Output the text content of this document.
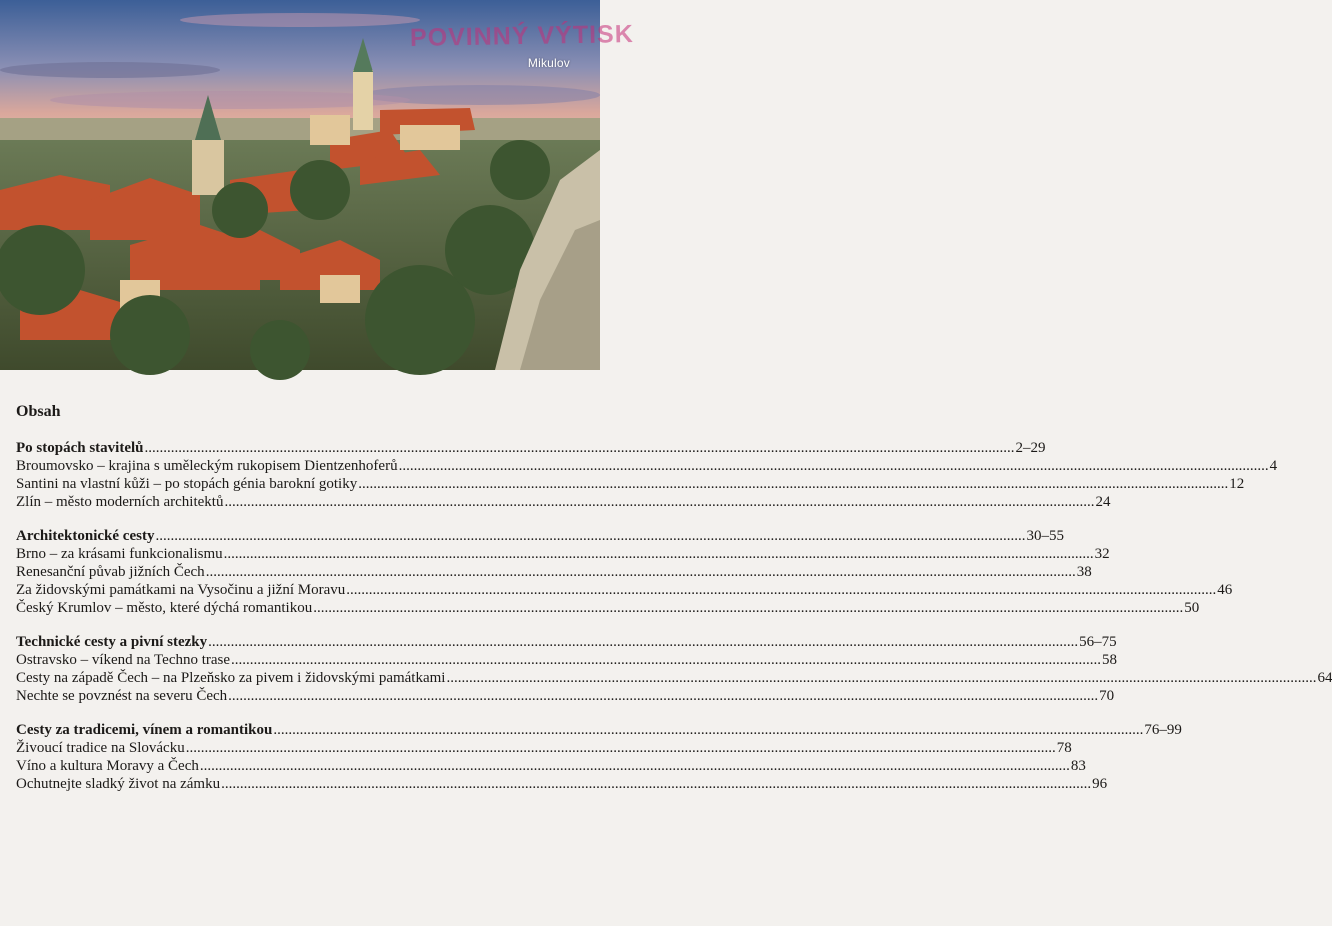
POVINNÝ VÝTISK
Mikulov
Obsah
Po stopách stavitelů .....	2–29
Broumovsko – krajina s uměleckým rukopisem Dientzenhoferů .....	4
Santini na vlastní kůži – po stopách génia barokní gotiky .....	12
Zlín – město moderních architektů .....	24
Architektonické cesty .....	30–55
Brno – za krásami funkcionalismu .....	32
Renesanční půvab jižních Čech .....	38
Za židovskými památkami na Vysočinu a jižní Moravu .....	46
Český Krumlov – město, které dýchá romantikou .....	50
Technické cesty a pivní stezky .....	56–75
Ostravsko – víkend na Techno trase .....	58
Cesty na západě Čech – na Plzeňsko za pivem i židovskými památkami .....	64
Nechte se povznést na severu Čech .....	70
Cesty za tradicemi, vínem a romantikou .....	76–99
Živoucí tradice na Slovácku .....	78
Víno a kultura Moravy a Čech .....	83
Ochutnejte sladký život na zámku .....	96
